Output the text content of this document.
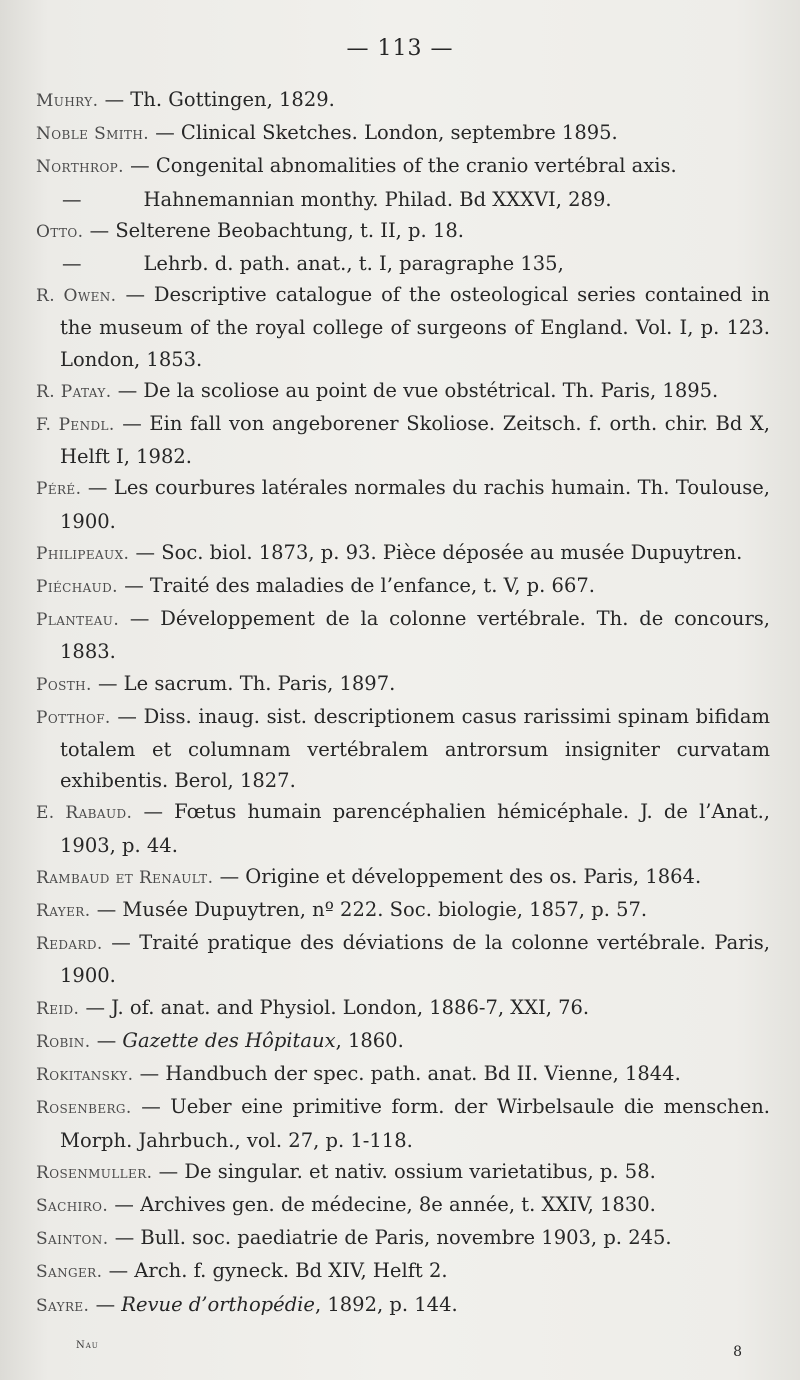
— 113 —
Muhry. — Th. Gottingen, 1829.
Noble Smith. — Clinical Sketches. London, septembre 1895.
Northrop. — Congenital abnomalities of the cranio vertébral axis.
—          Hahnemannian monthy. Philad. Bd XXXVI, 289.
Otto. — Selterene Beobachtung, t. II, p. 18.
—          Lehrb. d. path. anat., t. I, paragraphe 135,
R. Owen. — Descriptive catalogue of the osteological series contained in the museum of the royal college of surgeons of England. Vol. I, p. 123. London, 1853.
R. Patay. — De la scoliose au point de vue obstétrical. Th. Paris, 1895.
F. Pendl. — Ein fall von angeborener Skoliose. Zeitsch. f. orth. chir. Bd X, Helft I, 1982.
Péré. — Les courbures latérales normales du rachis humain. Th. Toulouse, 1900.
Philipeaux. — Soc. biol. 1873, p. 93. Pièce déposée au musée Dupuytren.
Piéchaud. — Traité des maladies de l’enfance, t. V, p. 667.
Planteau. — Développement de la colonne vertébrale. Th. de concours, 1883.
Posth. — Le sacrum. Th. Paris, 1897.
Potthof. — Diss. inaug. sist. descriptionem casus rarissimi spinam bifidam totalem et columnam vertébralem antrorsum insigniter curvatam exhibentis. Berol, 1827.
E. Rabaud. — Fœtus humain parencéphalien hémicéphale. J. de l’Anat., 1903, p. 44.
Rambaud et Renault. — Origine et développement des os. Paris, 1864.
Rayer. — Musée Dupuytren, nº 222. Soc. biologie, 1857, p. 57.
Redard. — Traité pratique des déviations de la colonne vertébrale. Paris, 1900.
Reid. — J. of. anat. and Physiol. London, 1886-7, XXI, 76.
Robin. — Gazette des Hôpitaux, 1860.
Rokitansky. — Handbuch der spec. path. anat. Bd II. Vienne, 1844.
Rosenberg. — Ueber eine primitive form. der Wirbelsaule die menschen. Morph. Jahrbuch., vol. 27, p. 1-118.
Rosenmuller. — De singular. et nativ. ossium varietatibus, p. 58.
Sachiro. — Archives gen. de médecine, 8e année, t. XXIV, 1830.
Sainton. — Bull. soc. paediatrie de Paris, novembre 1903, p. 245.
Sanger. — Arch. f. gyneck. Bd XIV, Helft 2.
Sayre. — Revue d’orthopédie, 1892, p. 144.
Nau	8
